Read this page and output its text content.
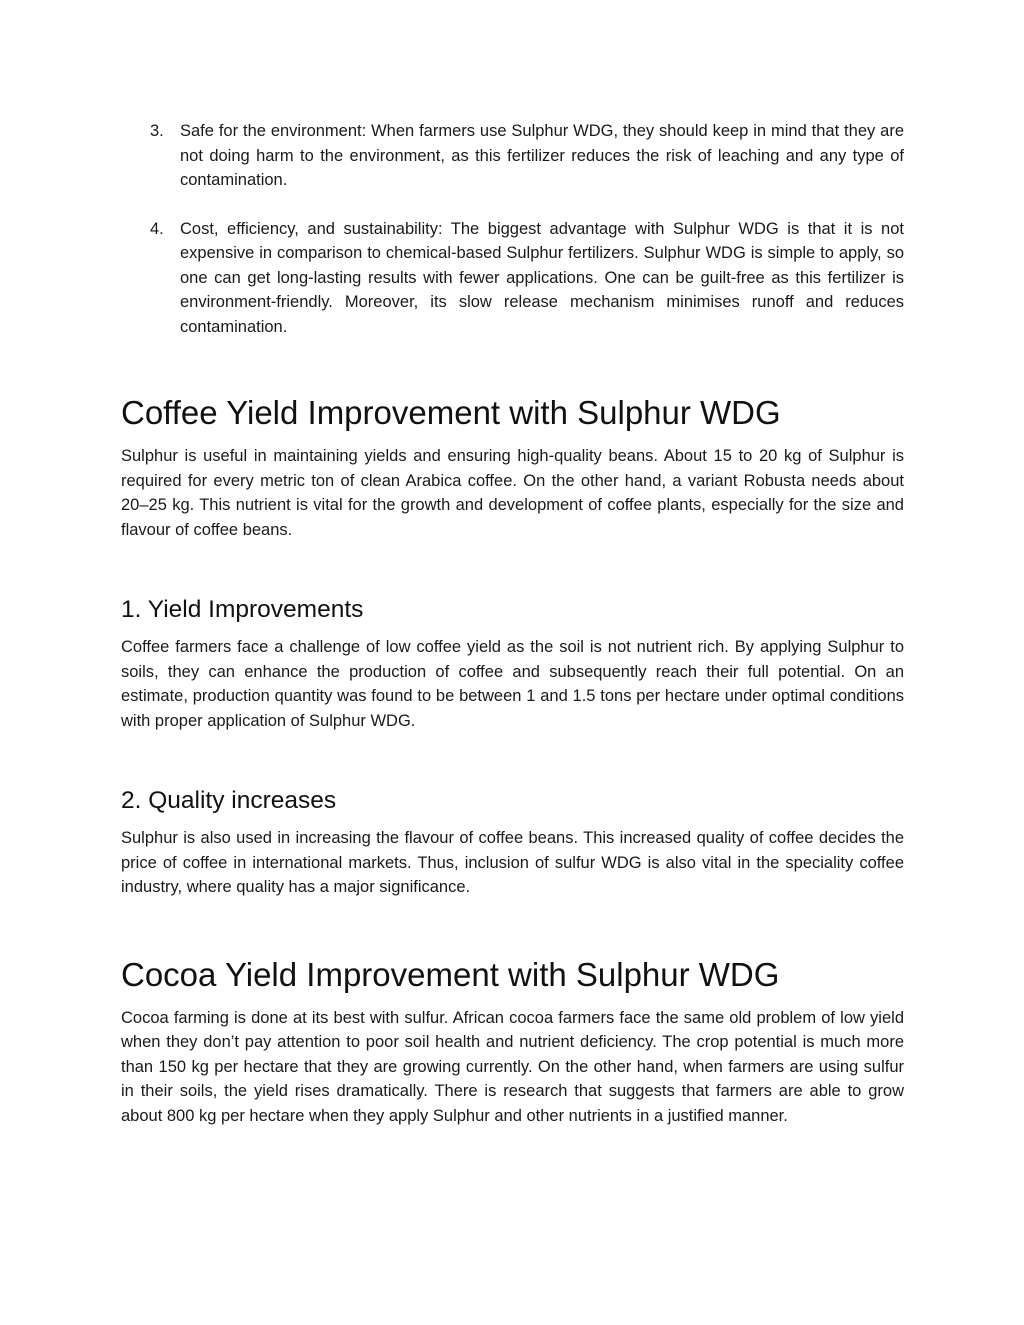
3. Safe for the environment: When farmers use Sulphur WDG, they should keep in mind that they are not doing harm to the environment, as this fertilizer reduces the risk of leaching and any type of contamination.
4. Cost, efficiency, and sustainability: The biggest advantage with Sulphur WDG is that it is not expensive in comparison to chemical-based Sulphur fertilizers. Sulphur WDG is simple to apply, so one can get long-lasting results with fewer applications. One can be guilt-free as this fertilizer is environment-friendly. Moreover, its slow release mechanism minimises runoff and reduces contamination.
Coffee Yield Improvement with Sulphur WDG

Sulphur is useful in maintaining yields and ensuring high-quality beans. About 15 to 20 kg of Sulphur is required for every metric ton of clean Arabica coffee. On the other hand, a variant Robusta needs about 20–25 kg. This nutrient is vital for the growth and development of coffee plants, especially for the size and flavour of coffee beans.

1. Yield Improvements

Coffee farmers face a challenge of low coffee yield as the soil is not nutrient rich. By applying Sulphur to soils, they can enhance the production of coffee and subsequently reach their full potential. On an estimate, production quantity was found to be between 1 and 1.5 tons per hectare under optimal conditions with proper application of Sulphur WDG.

2. Quality increases

Sulphur is also used in increasing the flavour of coffee beans. This increased quality of coffee decides the price of coffee in international markets. Thus, inclusion of sulfur WDG is also vital in the speciality coffee industry, where quality has a major significance.

Cocoa Yield Improvement with Sulphur WDG

Cocoa farming is done at its best with sulfur. African cocoa farmers face the same old problem of low yield when they don’t pay attention to poor soil health and nutrient deficiency. The crop potential is much more than 150 kg per hectare that they are growing currently. On the other hand, when farmers are using sulfur in their soils, the yield rises dramatically. There is research that suggests that farmers are able to grow about 800 kg per hectare when they apply Sulphur and other nutrients in a justified manner.
